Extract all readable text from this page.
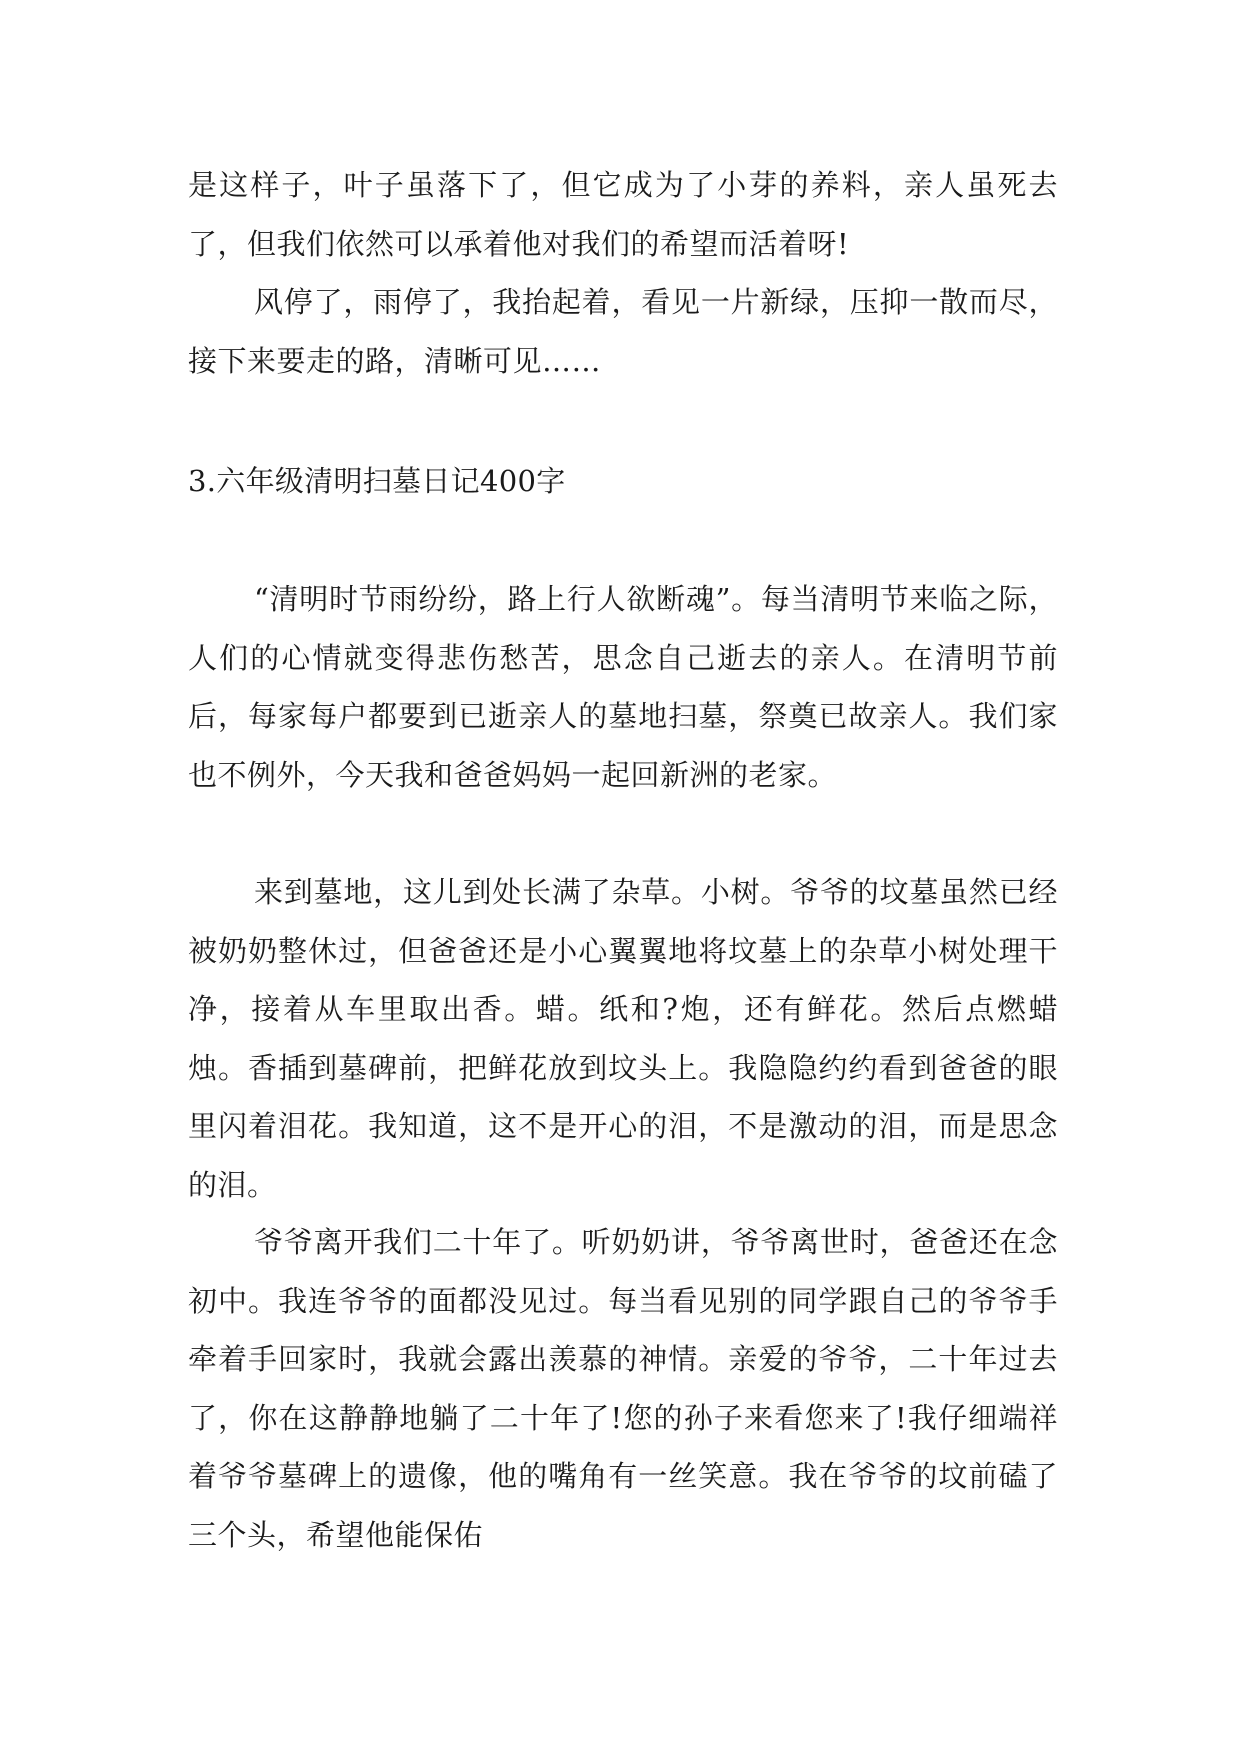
是这样子，叶子虽落下了，但它成为了小芽的养料，亲人虽死去了，但我们依然可以承着他对我们的希望而活着呀!

风停了，雨停了，我抬起着，看见一片新绿，压抑一散而尽，接下来要走的路，清晰可见……

3.六年级清明扫墓日记400字

“清明时节雨纷纷，路上行人欲断魂”。每当清明节来临之际，人们的心情就变得悲伤愁苦，思念自己逝去的亲人。在清明节前后，每家每户都要到已逝亲人的墓地扫墓，祭奠已故亲人。我们家也不例外，今天我和爸爸妈妈一起回新洲的老家。

来到墓地，这儿到处长满了杂草。小树。爷爷的坟墓虽然已经被奶奶整休过，但爸爸还是小心翼翼地将坟墓上的杂草小树处理干净，接着从车里取出香。蜡。纸和?炮，还有鲜花。然后点燃蜡烛。香插到墓碑前，把鲜花放到坟头上。我隐隐约约看到爸爸的眼里闪着泪花。我知道，这不是开心的泪，不是激动的泪，而是思念的泪。

爷爷离开我们二十年了。听奶奶讲，爷爷离世时，爸爸还在念初中。我连爷爷的面都没见过。每当看见别的同学跟自己的爷爷手牵着手回家时，我就会露出羡慕的神情。亲爱的爷爷，二十年过去了，你在这静静地躺了二十年了!您的孙子来看您来了!我仔细端祥着爷爷墓碑上的遗像，他的嘴角有一丝笑意。我在爷爷的坟前磕了三个头，希望他能保佑
